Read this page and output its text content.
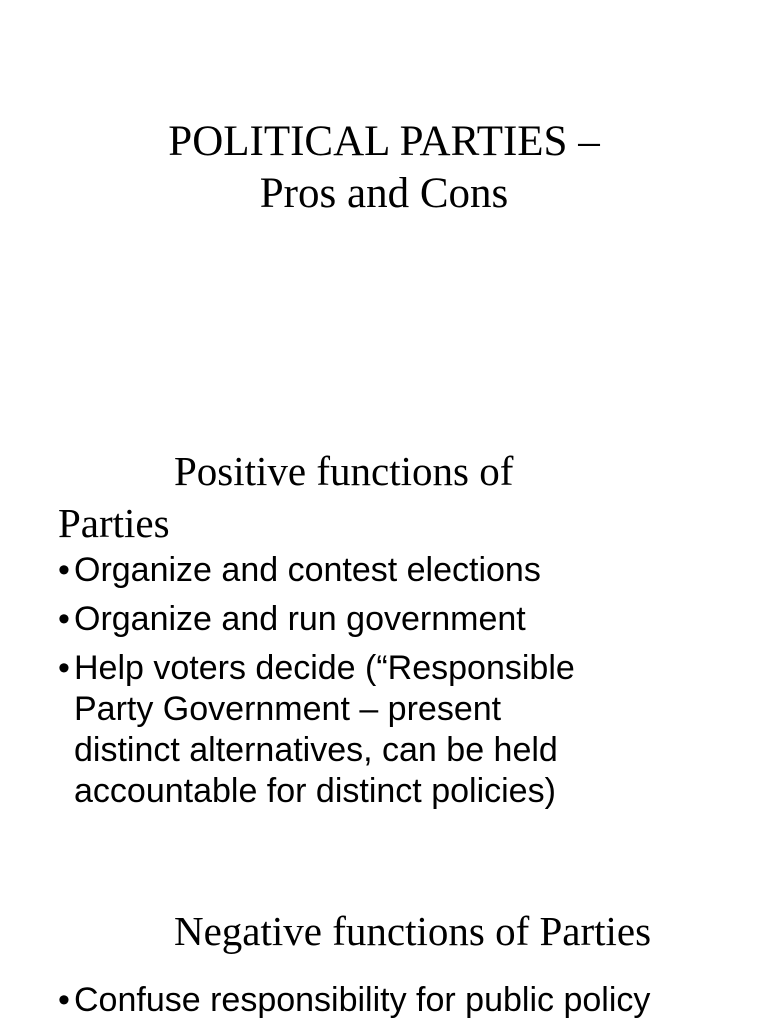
POLITICAL PARTIES –
Pros and Cons
Positive functions of
Parties

• Organize and contest elections

• Organize and run government

• Help voters decide (“Responsible
Party Government – present
distinct alternatives, can be held
accountable for distinct policies)

Negative functions of Parties

• Confuse responsibility for public policy
